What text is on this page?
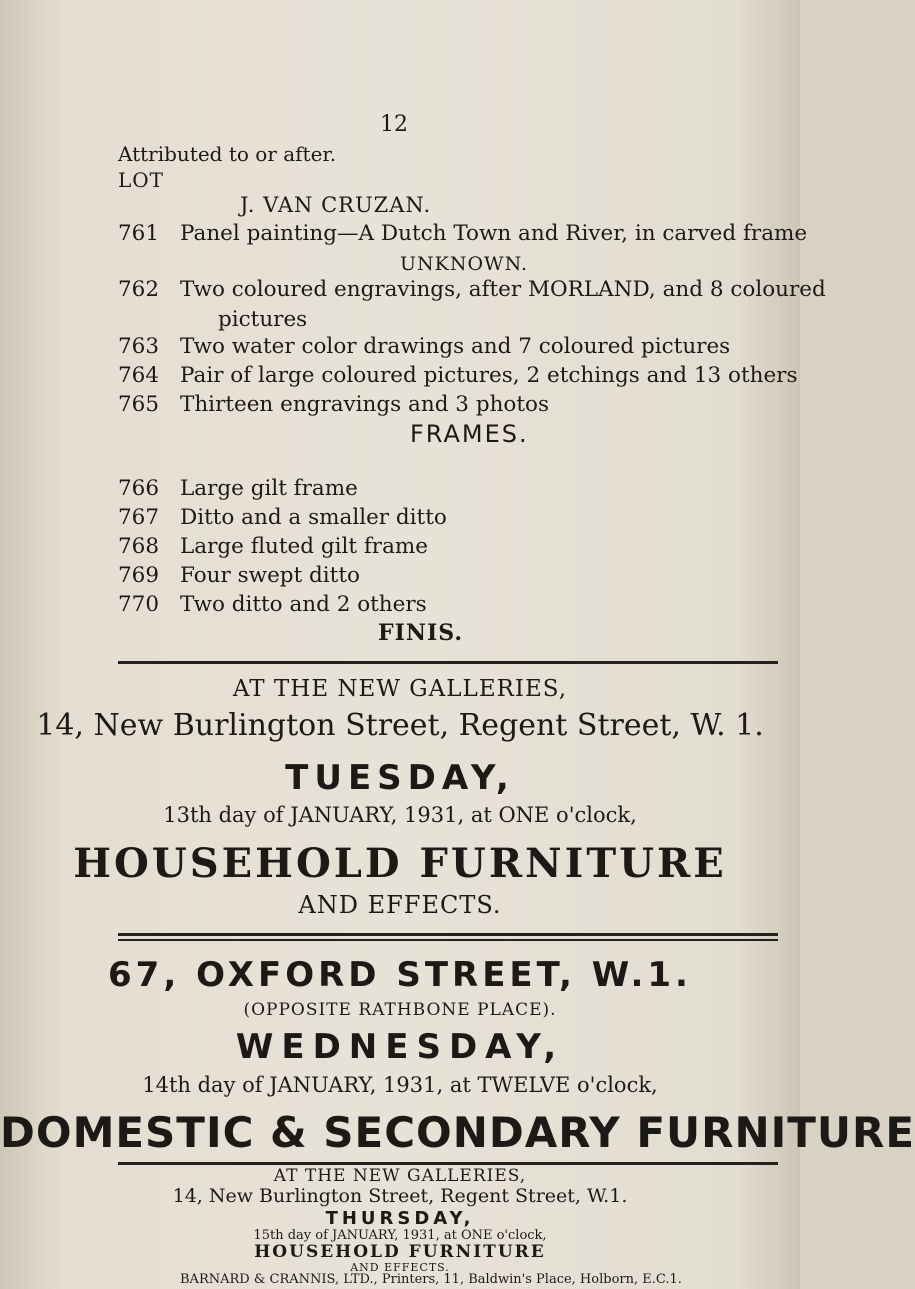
12
Attributed to or after.
LOT
J. VAN CRUZAN.
761 Panel painting—A Dutch Town and River, in carved frame
UNKNOWN.
762 Two coloured engravings, after MORLAND, and 8 coloured
pictures
763 Two water color drawings and 7 coloured pictures
764 Pair of large coloured pictures, 2 etchings and 13 others
765 Thirteen engravings and 3 photos
FRAMES.
766 Large gilt frame
767 Ditto and a smaller ditto
768 Large fluted gilt frame
769 Four swept ditto
770 Two ditto and 2 others
FINIS.
AT THE NEW GALLERIES,
14, New Burlington Street, Regent Street, W. 1.
TUESDAY,
13th day of JANUARY, 1931, at ONE o'clock,
HOUSEHOLD FURNITURE
AND EFFECTS.
67, OXFORD STREET, W.1.
(OPPOSITE RATHBONE PLACE).
WEDNESDAY,
14th day of JANUARY, 1931, at TWELVE o'clock,
DOMESTIC & SECONDARY FURNITURE
AT THE NEW GALLERIES,
14, New Burlington Street, Regent Street, W.1.
BARNARD & CRANNIS, LTD., Printers, 11, Baldwin's Place, Holborn, E.C.1.
THURSDAY,
15th day of JANUARY, 1931, at ONE o'clock,
HOUSEHOLD FURNITURE
AND EFFECTS.
